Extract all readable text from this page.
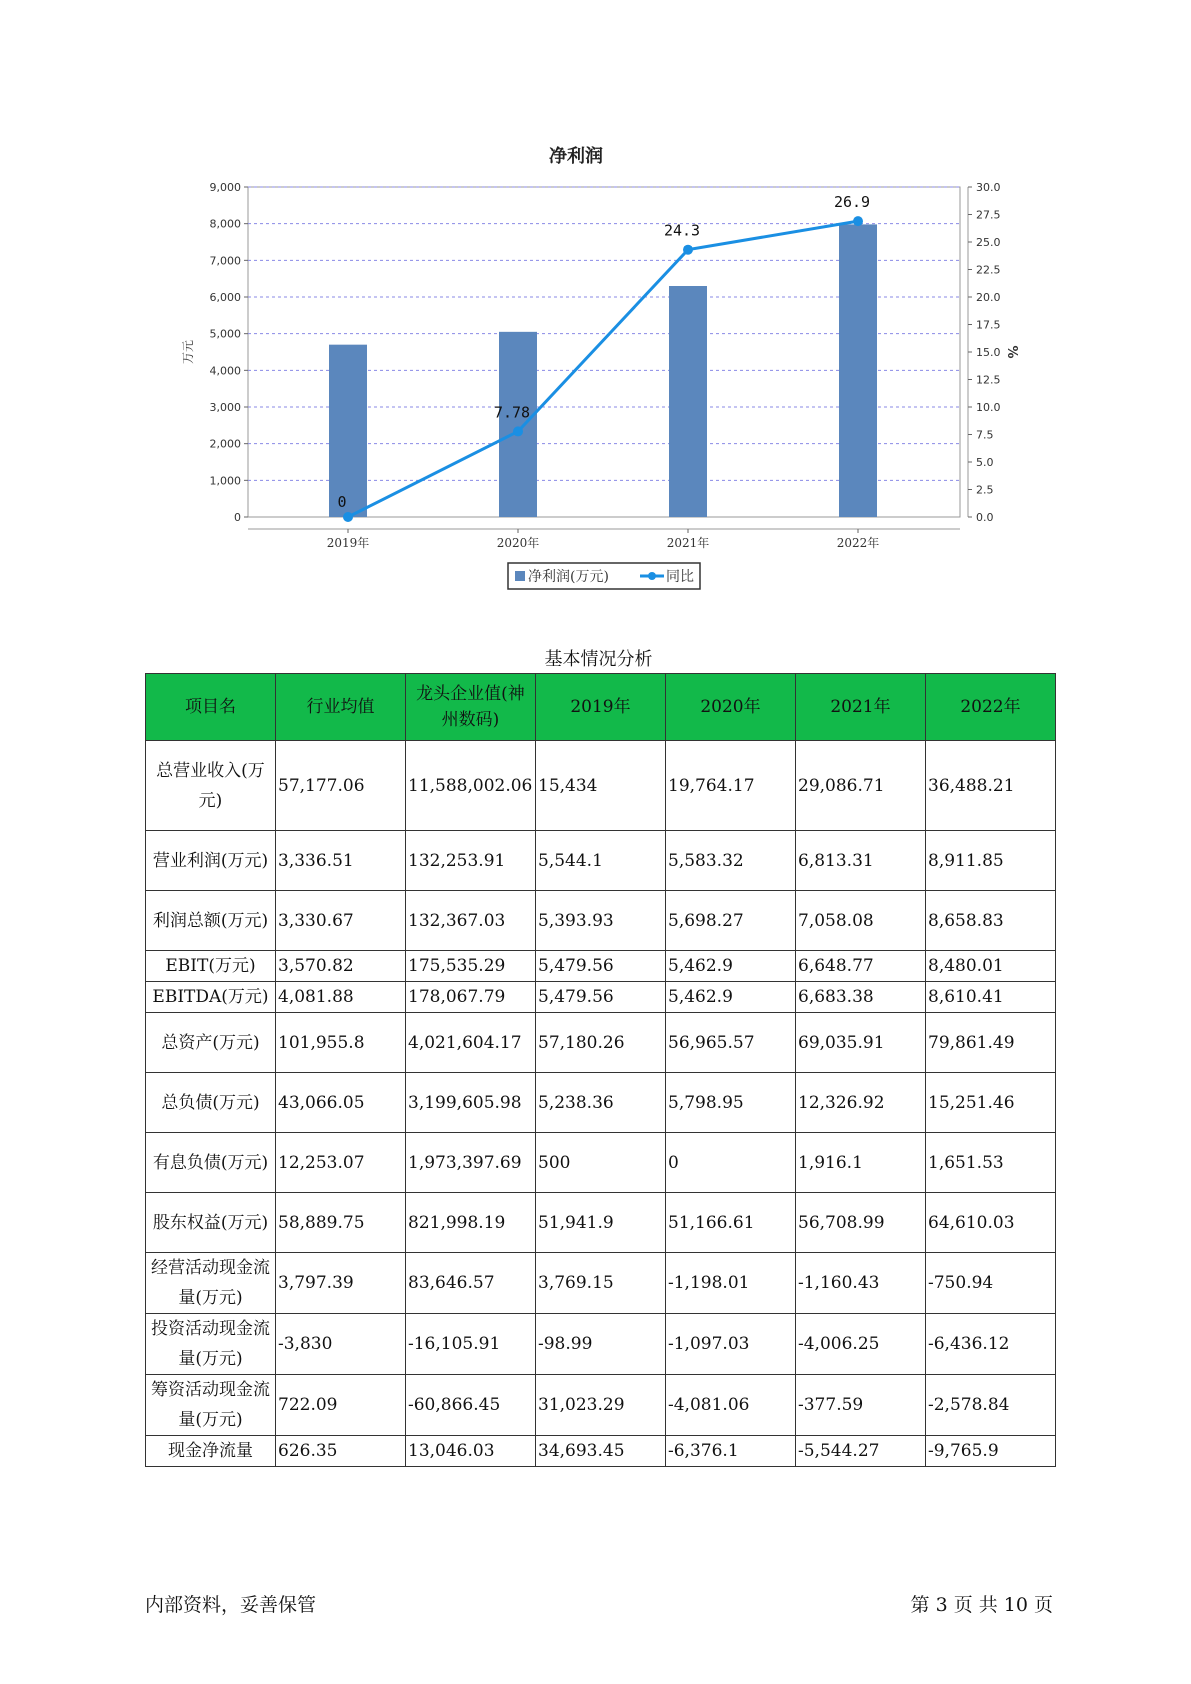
净利润
0
1,000
2,000
3,000
4,000
5,000
6,000
7,000
8,000
9,000
0.0
2.5
5.0
7.5
10.0
12.5
15.0
17.5
20.0
22.5
25.0
27.5
30.0
万元	%
2019年	2020年	2021年	2022年
0
7.78
24.3
26.9
净利润(万元)	同比
基本情况分析
项目名	行业均值	龙头企业值(神州数码)	2019年	2020年	2021年	2022年
总营业收入(万元)	57,177.06	11,588,002.06	15,434	19,764.17	29,086.71	36,488.21
营业利润(万元)	3,336.51	132,253.91	5,544.1	5,583.32	6,813.31	8,911.85
利润总额(万元)	3,330.67	132,367.03	5,393.93	5,698.27	7,058.08	8,658.83
EBIT(万元)	3,570.82	175,535.29	5,479.56	5,462.9	6,648.77	8,480.01
EBITDA(万元)	4,081.88	178,067.79	5,479.56	5,462.9	6,683.38	8,610.41
总资产(万元)	101,955.8	4,021,604.17	57,180.26	56,965.57	69,035.91	79,861.49
总负债(万元)	43,066.05	3,199,605.98	5,238.36	5,798.95	12,326.92	15,251.46
有息负债(万元)	12,253.07	1,973,397.69	500	0	1,916.1	1,651.53
股东权益(万元)	58,889.75	821,998.19	51,941.9	51,166.61	56,708.99	64,610.03
经营活动现金流量(万元)	3,797.39	83,646.57	3,769.15	-1,198.01	-1,160.43	-750.94
投资活动现金流量(万元)	-3,830	-16,105.91	-98.99	-1,097.03	-4,006.25	-6,436.12
筹资活动现金流量(万元)	722.09	-60,866.45	31,023.29	-4,081.06	-377.59	-2,578.84
现金净流量	626.35	13,046.03	34,693.45	-6,376.1	-5,544.27	-9,765.9
内部资料，妥善保管	第 3 页 共 10 页
